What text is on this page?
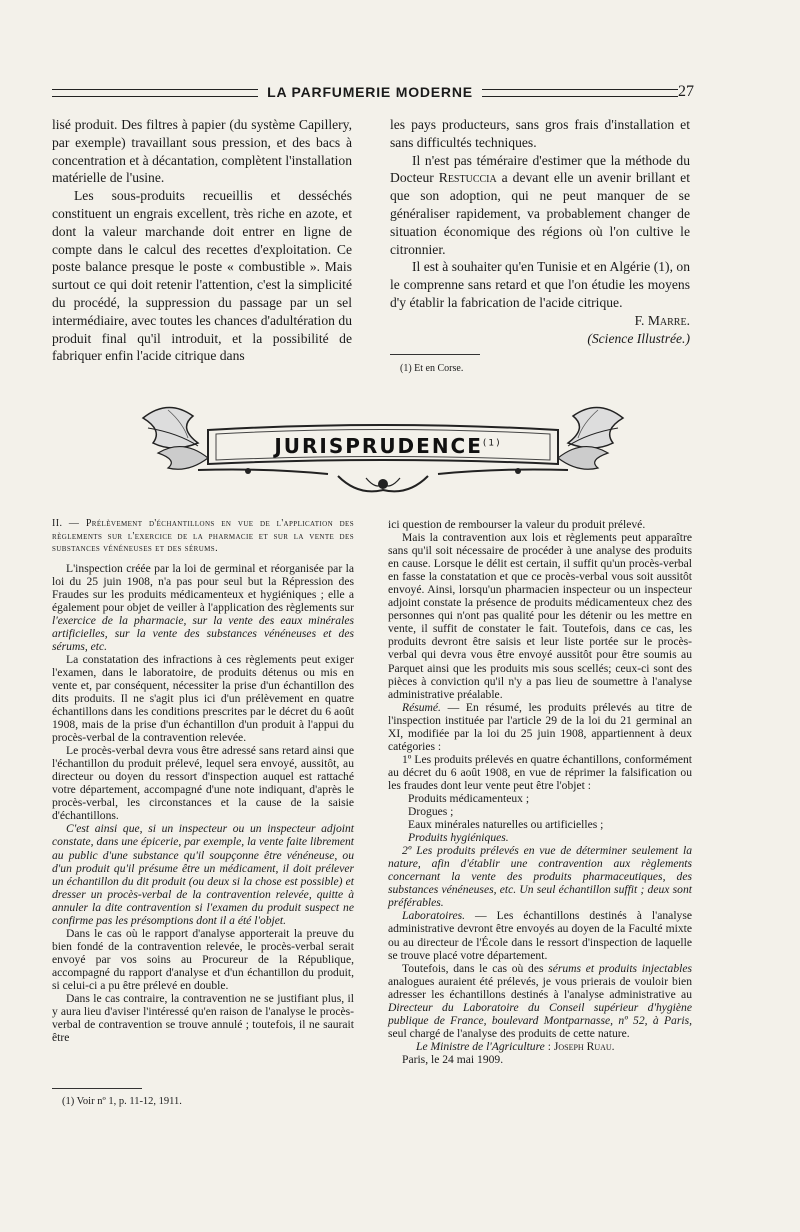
LA PARFUMERIE MODERNE	27

lisé produit. Des filtres à papier (du système Capillery, par exemple) travaillant sous pression, et des bacs à concentration et à décantation, complètent l'installation matérielle de l'usine.

Les sous-produits recueillis et desséchés constituent un engrais excellent, très riche en azote, et dont la valeur marchande doit entrer en ligne de compte dans le calcul des recettes d'exploitation. Ce poste balance presque le poste « combustible ». Mais surtout ce qui doit retenir l'attention, c'est la simplicité du procédé, la suppression du passage par un sel intermédiaire, avec toutes les chances d'adultération du produit final qu'il introduit, et la possibilité de fabriquer enfin l'acide citrique dans

les pays producteurs, sans gros frais d'installation et sans difficultés techniques.

Il n'est pas téméraire d'estimer que la méthode du Docteur Restuccia a devant elle un avenir brillant et que son adoption, qui ne peut manquer de se généraliser rapidement, va probablement changer de situation économique des régions où l'on cultive le citronnier.

Il est à souhaiter qu'en Tunisie et en Algérie (1), on le comprenne sans retard et que l'on étudie les moyens d'y établir la fabrication de l'acide citrique.

F. Marre.

(Science Illustrée.)

(1) Et en Corse.
JURISPRUDENCE$^{(1)}$

II. — Prélèvement d'échantillons en vue de l'application des règlements sur l'exercice de la pharmacie et sur la vente des substances vénéneuses et des sérums.

L'inspection créée par la loi de germinal et réorganisée par la loi du 25 juin 1908, n'a pas pour seul but la Répression des Fraudes sur les produits médicamenteux et hygiéniques ; elle a également pour objet de veiller à l'application des règlements sur l'exercice de la pharmacie, sur la vente des eaux minérales artificielles, sur la vente des substances vénéneuses et des sérums, etc.

La constatation des infractions à ces règlements peut exiger l'examen, dans le laboratoire, de produits détenus ou mis en vente et, par conséquent, nécessiter la prise d'un échantillon des dits produits. Il ne s'agit plus ici d'un prélèvement en quatre échantillons dans les conditions prescrites par le décret du 6 août 1908, mais de la prise d'un échantillon d'un produit à l'appui du procès-verbal de la contravention relevée.

Le procès-verbal devra vous être adressé sans retard ainsi que l'échantillon du produit prélevé, lequel sera envoyé, aussitôt, au directeur ou doyen du ressort d'inspection auquel est rattaché votre département, accompagné d'une note indiquant, d'après le procès-verbal, les circonstances et la cause de la saisie d'échantillons.

C'est ainsi que, si un inspecteur ou un inspecteur adjoint constate, dans une épicerie, par exemple, la vente faite librement au public d'une substance qu'il soupçonne être vénéneuse, ou d'un produit qu'il présume être un médicament, il doit prélever un échantillon du dit produit (ou deux si la chose est possible) et dresser un procès-verbal de la contravention relevée, quitte à annuler la dite contravention si l'examen du produit suspect ne confirme pas les présomptions dont il a été l'objet.

Dans le cas où le rapport d'analyse apporterait la preuve du bien fondé de la contravention relevée, le procès-verbal serait envoyé par vos soins au Procureur de la République, accompagné du rapport d'analyse et d'un échantillon du produit, si celui-ci a pu être prélevé en double.

Dans le cas contraire, la contravention ne se justifiant plus, il y aura lieu d'aviser l'intéressé qu'en raison de l'analyse le procès-verbal de contravention se trouve annulé ; toutefois, il ne saurait être

(1) Voir nº 1, p. 11-12, 1911.

ici question de rembourser la valeur du produit prélevé.

Mais la contravention aux lois et règlements peut apparaître sans qu'il soit nécessaire de procéder à une analyse des produits en cause. Lorsque le délit est certain, il suffit qu'un procès-verbal en fasse la constatation et que ce procès-verbal vous soit aussitôt envoyé. Ainsi, lorsqu'un pharmacien inspecteur ou un inspecteur adjoint constate la présence de produits médicamenteux chez des personnes qui n'ont pas qualité pour les détenir ou les mettre en vente, il suffit de constater le fait. Toutefois, dans ce cas, les produits devront être saisis et leur liste portée sur le procès-verbal qui devra vous être envoyé aussitôt pour être soumis au Parquet ainsi que les produits mis sous scellés; ceux-ci sont des pièces à conviction qu'il n'y a pas lieu de soumettre à l'analyse administrative préalable.

Résumé. — En résumé, les produits prélevés au titre de l'inspection instituée par l'article 29 de la loi du 21 germinal an XI, modifiée par la loi du 25 juin 1908, appartiennent à deux catégories :

1º Les produits prélevés en quatre échantillons, conformément au décret du 6 août 1908, en vue de réprimer la falsification ou les fraudes dont leur vente peut être l'objet :

Produits médicamenteux ;

Drogues ;

Eaux minérales naturelles ou artificielles ;

Produits hygiéniques.

2º Les produits prélevés en vue de déterminer seulement la nature, afin d'établir une contravention aux règlements concernant la vente des produits pharmaceutiques, des substances vénéneuses, etc. Un seul échantillon suffit ; deux sont préférables.

Laboratoires. — Les échantillons destinés à l'analyse administrative devront être envoyés au doyen de la Faculté mixte ou au directeur de l'École dans le ressort d'inspection de laquelle se trouve placé votre département.

Toutefois, dans le cas où des sérums et produits injectables analogues auraient été prélevés, je vous prierais de vouloir bien adresser les échantillons destinés à l'analyse administrative au Directeur du Laboratoire du Conseil supérieur d'hygiène publique de France, boulevard Montparnasse, nº 52, à Paris, seul chargé de l'analyse des produits de cette nature.

Le Ministre de l'Agriculture : Joseph Ruau.

Paris, le 24 mai 1909.
